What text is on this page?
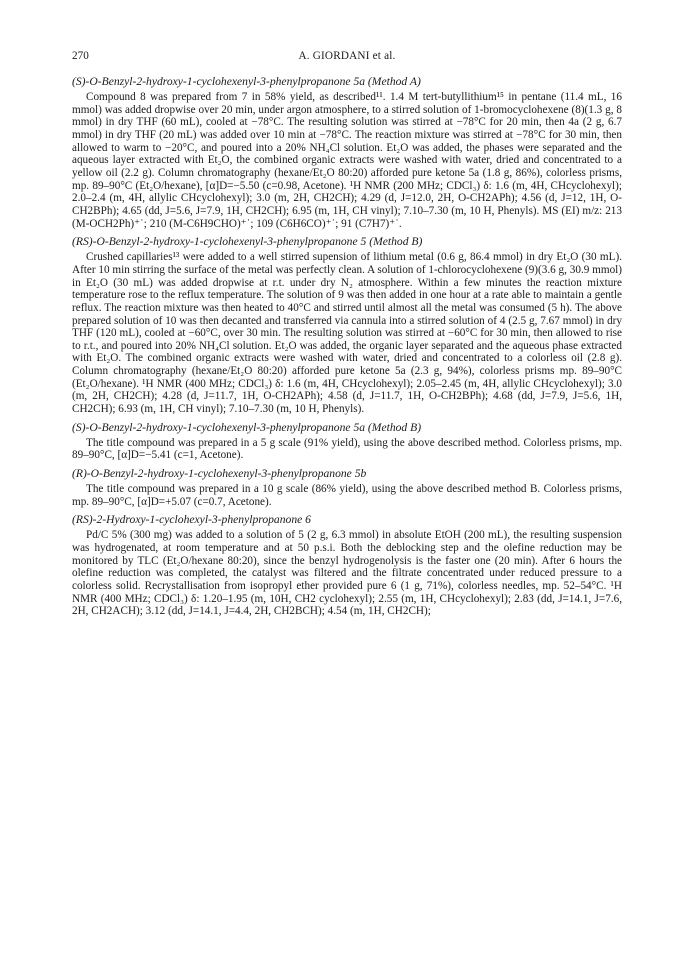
270	A. GIORDANI et al.
(S)-O-Benzyl-2-hydroxy-1-cyclohexenyl-3-phenylpropanone 5a (Method A)

Compound 8 was prepared from 7 in 58% yield, as described¹¹. 1.4 M tert-butyllithium¹⁵ in pentane (11.4 mL, 16 mmol) was added dropwise over 20 min, under argon atmosphere, to a stirred solution of 1-bromocyclohexene (8)(1.3 g, 8 mmol) in dry THF (60 mL), cooled at −78°C. The resulting solution was stirred at −78°C for 20 min, then 4a (2 g, 6.7 mmol) in dry THF (20 mL) was added over 10 min at −78°C. The reaction mixture was stirred at −78°C for 30 min, then allowed to warm to −20°C, and poured into a 20% NH₄Cl solution. Et₂O was added, the phases were separated and the aqueous layer extracted with Et₂O, the combined organic extracts were washed with water, dried and concentrated to a yellow oil (2.2 g). Column chromatography (hexane/Et₂O 80:20) afforded pure ketone 5a (1.8 g, 86%), colorless prisms, mp. 89–90°C (Et₂O/hexane), [α]D=−5.50 (c=0.98, Acetone). ¹H NMR (200 MHz; CDCl₃) δ: 1.6 (m, 4H, CHcyclohexyl); 2.0–2.4 (m, 4H, allylic CHcyclohexyl); 3.0 (m, 2H, CH2CH); 4.29 (d, J=12.0, 2H, O-CH2APh); 4.56 (d, J=12, 1H, O-CH2BPh); 4.65 (dd, J=5.6, J=7.9, 1H, CH2CH); 6.95 (m, 1H, CH vinyl); 7.10–7.30 (m, 10 H, Phenyls). MS (EI) m/z: 213 (M-OCH2Ph)⁺˙; 210 (M-C6H9CHO)⁺˙; 109 (C6H6CO)⁺˙; 91 (C7H7)⁺˙.

(RS)-O-Benzyl-2-hydroxy-1-cyclohexenyl-3-phenylpropanone 5 (Method B)

Crushed capillaries¹³ were added to a well stirred supension of lithium metal (0.6 g, 86.4 mmol) in dry Et₂O (30 mL). After 10 min stirring the surface of the metal was perfectly clean. A solution of 1-chlorocyclohexene (9)(3.6 g, 30.9 mmol) in Et₂O (30 mL) was added dropwise at r.t. under dry N₂ atmosphere. Within a few minutes the reaction mixture temperature rose to the reflux temperature. The solution of 9 was then added in one hour at a rate able to maintain a gentle reflux. The reaction mixture was then heated to 40°C and stirred until almost all the metal was consumed (5 h). The above prepared solution of 10 was then decanted and transferred via cannula into a stirred solution of 4 (2.5 g, 7.67 mmol) in dry THF (120 mL), cooled at −60°C, over 30 min. The resulting solution was stirred at −60°C for 30 min, then allowed to rise to r.t., and poured into 20% NH₄Cl solution. Et₂O was added, the organic layer separated and the aqueous phase extracted with Et₂O. The combined organic extracts were washed with water, dried and concentrated to a colorless oil (2.8 g). Column chromatography (hexane/Et₂O 80:20) afforded pure ketone 5a (2.3 g, 94%), colorless prisms mp. 89–90°C (Et₂O/hexane). ¹H NMR (400 MHz; CDCl₃) δ: 1.6 (m, 4H, CHcyclohexyl); 2.05–2.45 (m, 4H, allylic CHcyclohexyl); 3.0 (m, 2H, CH2CH); 4.28 (d, J=11.7, 1H, O-CH2APh); 4.58 (d, J=11.7, 1H, O-CH2BPh); 4.68 (dd, J=7.9, J=5.6, 1H, CH2CH); 6.93 (m, 1H, CH vinyl); 7.10–7.30 (m, 10 H, Phenyls).

(S)-O-Benzyl-2-hydroxy-1-cyclohexenyl-3-phenylpropanone 5a (Method B)

The title compound was prepared in a 5 g scale (91% yield), using the above described method. Colorless prisms, mp. 89–90°C, [α]D=−5.41 (c=1, Acetone).

(R)-O-Benzyl-2-hydroxy-1-cyclohexenyl-3-phenylpropanone 5b

The title compound was prepared in a 10 g scale (86% yield), using the above described method B. Colorless prisms, mp. 89–90°C, [α]D=+5.07 (c=0.7, Acetone).

(RS)-2-Hydroxy-1-cyclohexyl-3-phenylpropanone 6

Pd/C 5% (300 mg) was added to a solution of 5 (2 g, 6.3 mmol) in absolute EtOH (200 mL), the resulting suspension was hydrogenated, at room temperature and at 50 p.s.i. Both the deblocking step and the olefine reduction may be monitored by TLC (Et₂O/hexane 80:20), since the benzyl hydrogenolysis is the faster one (20 min). After 6 hours the olefine reduction was completed, the catalyst was filtered and the filtrate concentrated under reduced pressure to a colorless solid. Recrystallisation from isopropyl ether provided pure 6 (1 g, 71%), colorless needles, mp. 52–54°C. ¹H NMR (400 MHz; CDCl₃) δ: 1.20–1.95 (m, 10H, CH2 cyclohexyl); 2.55 (m, 1H, CHcyclohexyl); 2.83 (dd, J=14.1, J=7.6, 2H, CH2ACH); 3.12 (dd, J=14.1, J=4.4, 2H, CH2BCH); 4.54 (m, 1H, CH2CH);
